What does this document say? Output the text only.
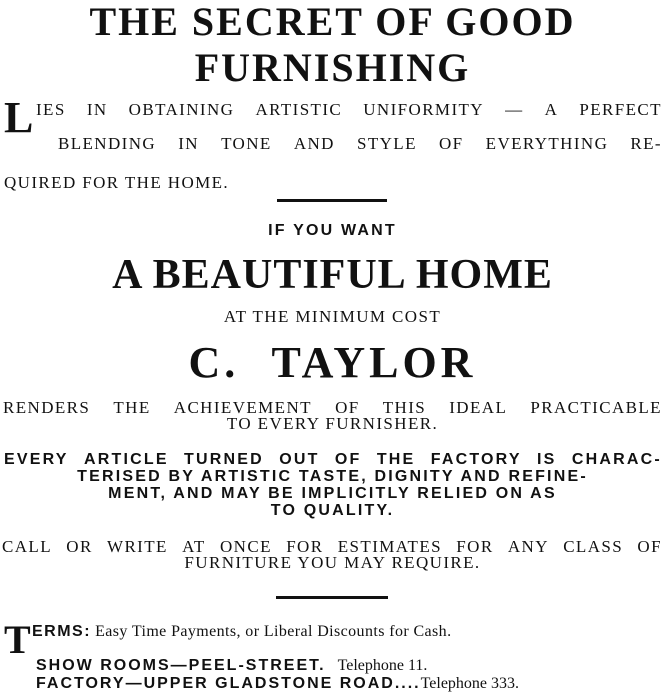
THE SECRET OF GOOD
FURNISHING
L IES IN OBTAINING ARTISTIC UNIFORMITY — A PERFECT
BLENDING IN TONE AND STYLE OF EVERYTHING RE-
QUIRED FOR THE HOME.
IF YOU WANT
A BEAUTIFUL HOME
AT THE MINIMUM COST
C. TAYLOR
RENDERS THE ACHIEVEMENT OF THIS IDEAL PRACTICABLE
TO EVERY FURNISHER.
EVERY ARTICLE TURNED OUT OF THE FACTORY IS CHARAC-
TERISED BY ARTISTIC TASTE, DIGNITY AND REFINE-
MENT, AND MAY BE IMPLICITLY RELIED ON AS
TO QUALITY.
CALL OR WRITE AT ONCE FOR ESTIMATES FOR ANY CLASS OF
FURNITURE YOU MAY REQUIRE.
T ERMS: Easy Time Payments, or Liberal Discounts for Cash.
SHOW ROOMS—PEEL-STREET. Telephone 11.
FACTORY—UPPER GLADSTONE ROAD....Telephone 333.
